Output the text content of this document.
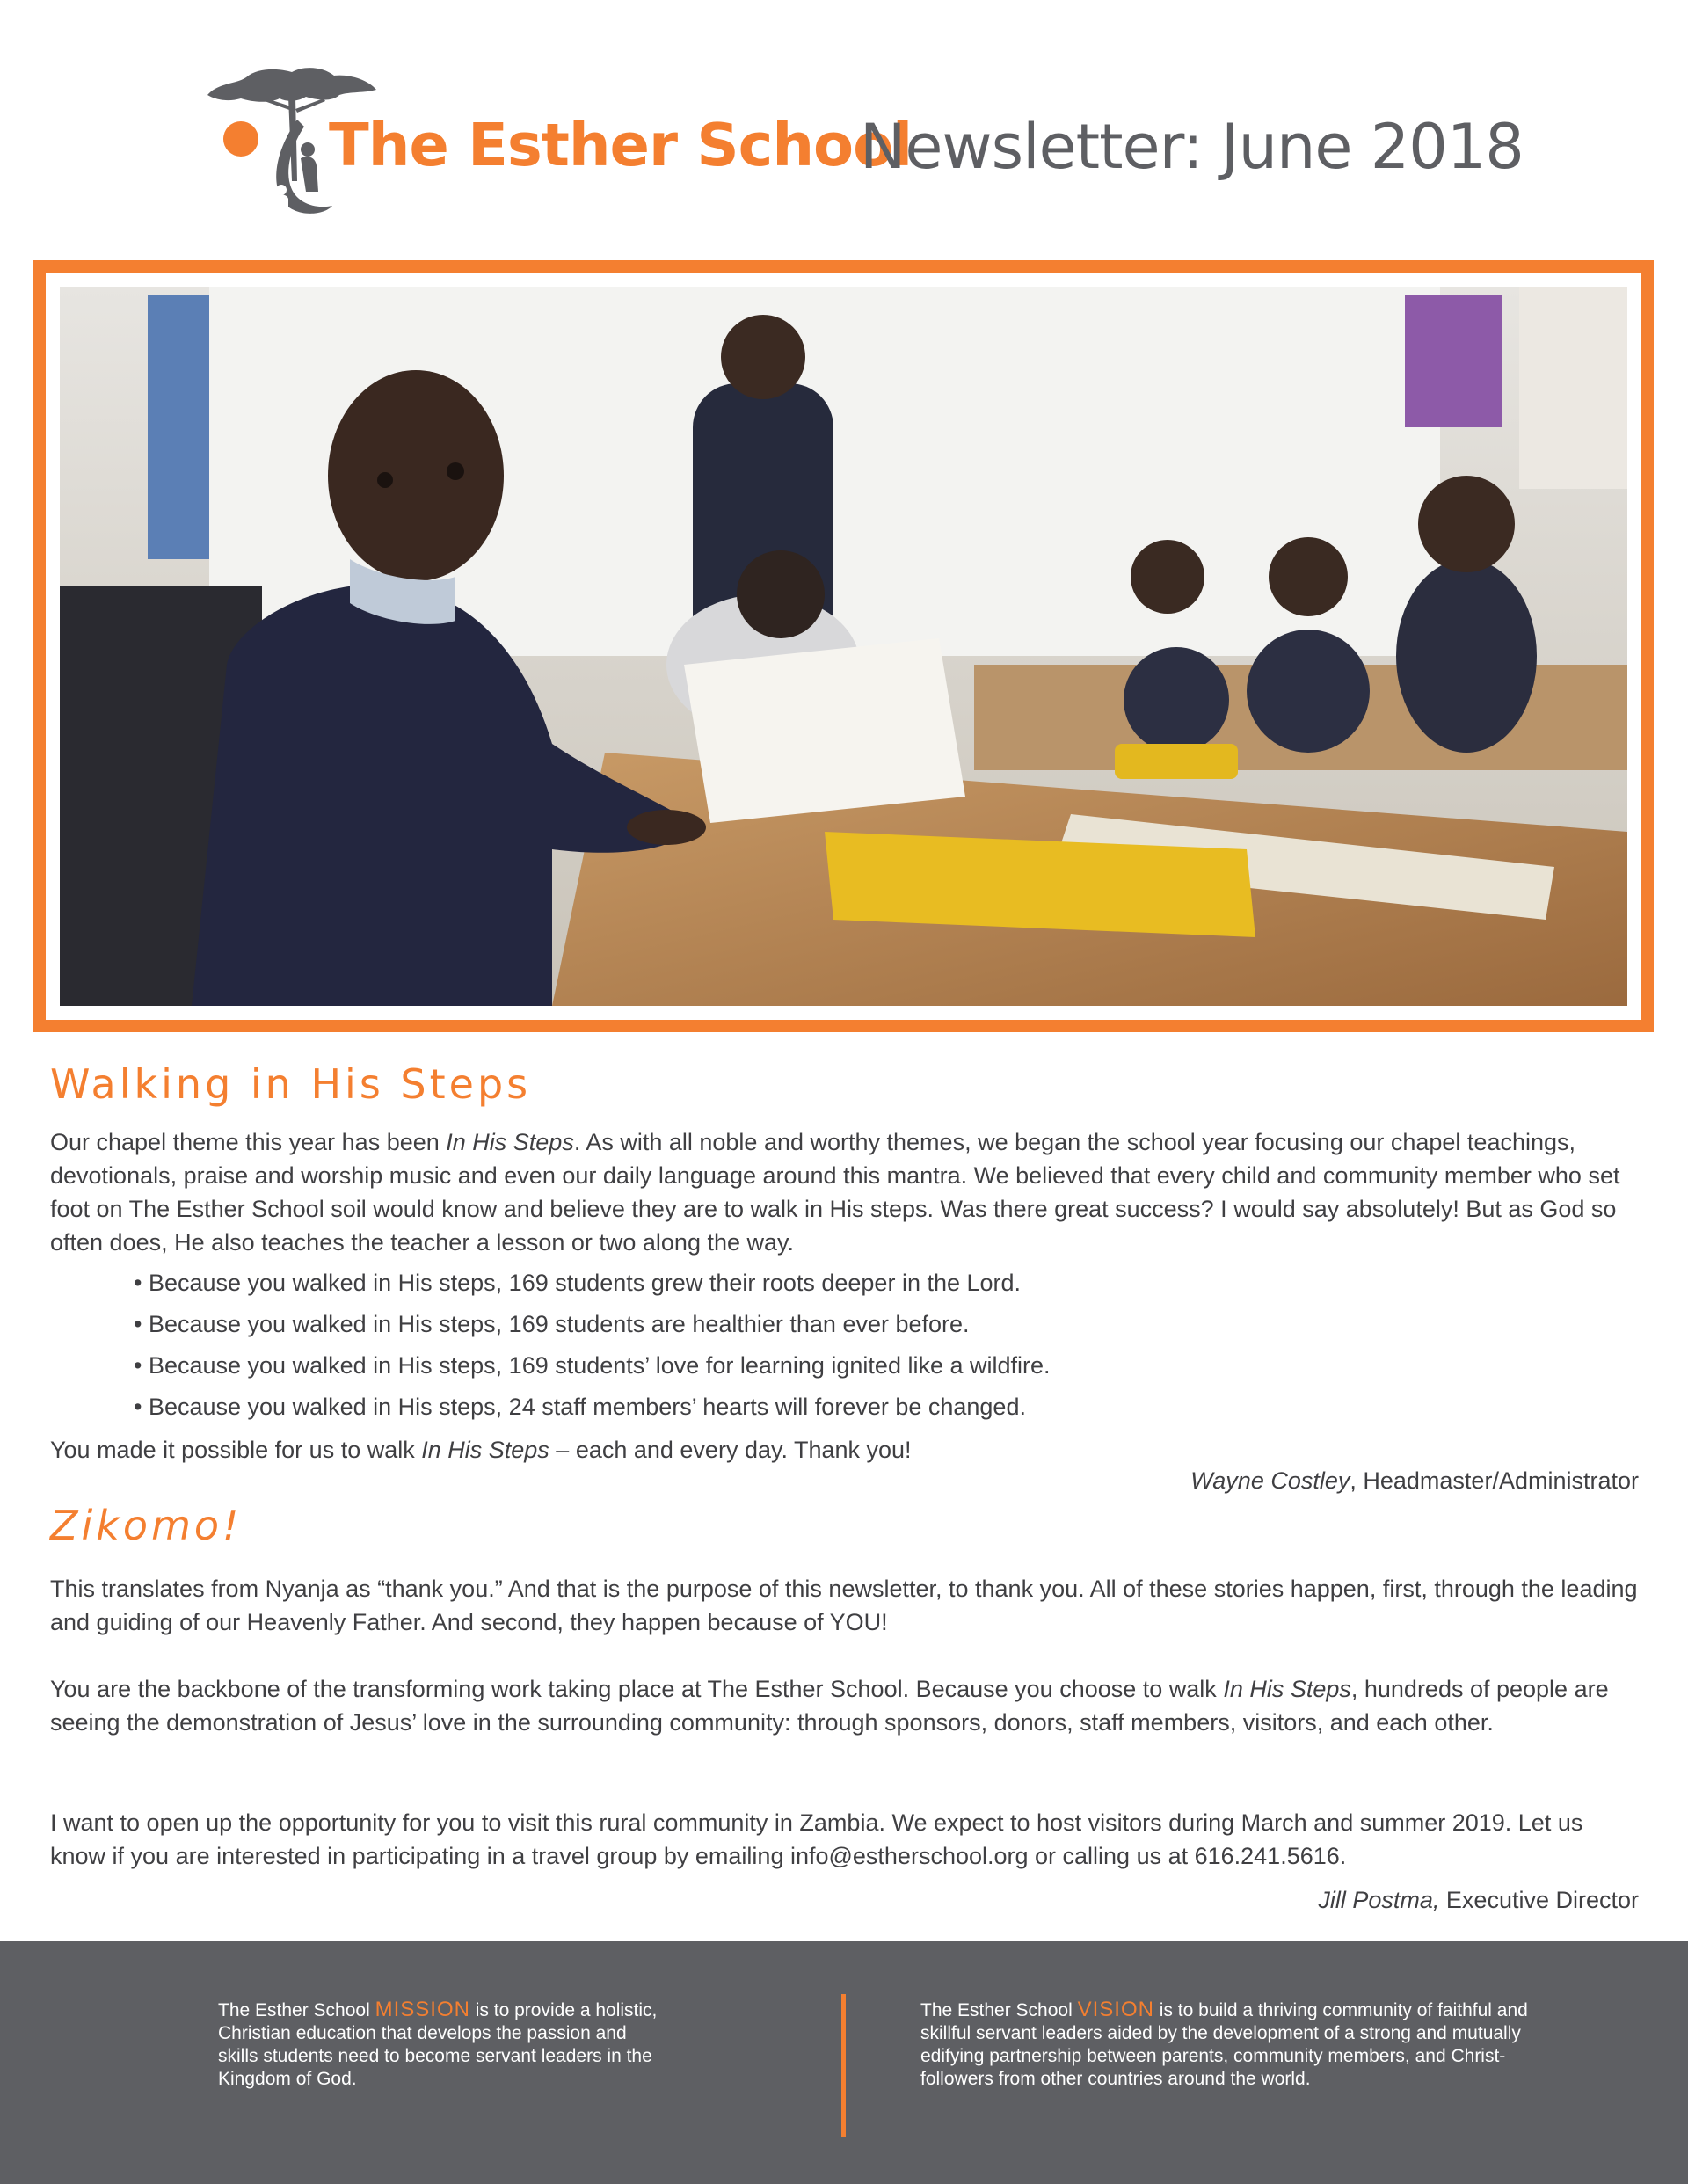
The Esther School
Newsletter: June 2018
Walking in His Steps

Our chapel theme this year has been In His Steps. As with all noble and worthy themes, we began the school year focusing our chapel teachings, devotionals, praise and worship music and even our daily language around this mantra. We believed that every child and community member who set foot on The Esther School soil would know and believe they are to walk in His steps. Was there great success? I would say absolutely! But as God so often does, He also teaches the teacher a lesson or two along the way.

• Because you walked in His steps, 169 students grew their roots deeper in the Lord.
• Because you walked in His steps, 169 students are healthier than ever before.
• Because you walked in His steps, 169 students’ love for learning ignited like a wildfire.
• Because you walked in His steps, 24 staff members’ hearts will forever be changed.

You made it possible for us to walk In His Steps – each and every day. Thank you!

Wayne Costley, Headmaster/Administrator
Zikomo!

This translates from Nyanja as “thank you.” And that is the purpose of this newsletter, to thank you. All of these stories happen, first, through the leading and guiding of our Heavenly Father. And second, they happen because of YOU!

You are the backbone of the transforming work taking place at The Esther School. Because you choose to walk In His Steps, hundreds of people are seeing the demonstration of Jesus’ love in the surrounding community: through sponsors, donors, staff members, visitors, and each other.

I want to open up the opportunity for you to visit this rural community in Zambia. We expect to host visitors during March and summer 2019. Let us know if you are interested in participating in a travel group by emailing info@estherschool.org or calling us at 616.241.5616.

Jill Postma, Executive Director
The Esther School MISSION is to provide a holistic, Christian education that develops the passion and skills students need to become servant leaders in the Kingdom of God.
The Esther School VISION is to build a thriving community of faithful and skillful servant leaders aided by the development of a strong and mutually edifying partnership between parents, community members, and Christ-followers from other countries around the world.
